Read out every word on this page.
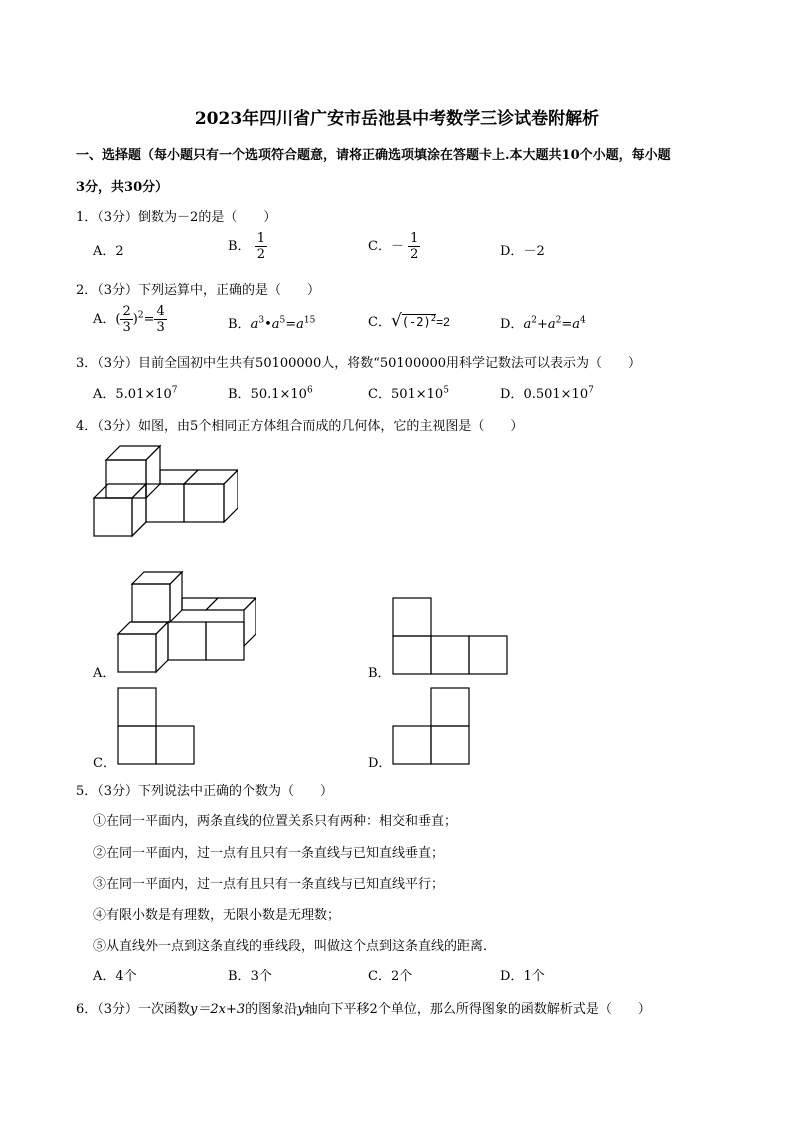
2023年四川省广安市岳池县中考数学三诊试卷附解析
一、选择题（每小题只有一个选项符合题意，请将正确选项填涂在答题卡上.本大题共10个小题，每小题
3分，共30分）
1．（3分）倒数为－2的是（　　）
A．2	B． $\frac{1}{2}$	C．－ $\frac{1}{2}$	D．－2
2．（3分）下列运算中，正确的是（　　）
A．( $\frac{2}{3} )^2= \frac{4}{3}$	B．$a^3•a^5=a^{15}$	C．$√(-2)^2=2$	D．$a^2+a^2=a^4$
3．（3分）目前全国初中生共有50100000人，将数“50100000用科学记数法可以表示为（　　）
A．$5.01\times 10^7$	B．$50.1\times 10^6$	C．$501\times 10^5$	D．$0.501\times 10^7$
4．（3分）如图，由5个相同正方体组合而成的几何体，它的主视图是（　　）
A．	B．
C．	D．
5．（3分）下列说法中正确的个数为（　　）
①在同一平面内，两条直线的位置关系只有两种：相交和垂直；
②在同一平面内，过一点有且只有一条直线与已知直线垂直；
③在同一平面内，过一点有且只有一条直线与已知直线平行；
④有限小数是有理数，无限小数是无理数；
⑤从直线外一点到这条直线的垂线段，叫做这个点到这条直线的距离．
A．4个	B．3个	C．2个	D．1个
6．（3分）一次函数y＝2x+3的图象沿y轴向下平移2个单位，那么所得图象的函数解析式是（　　）
